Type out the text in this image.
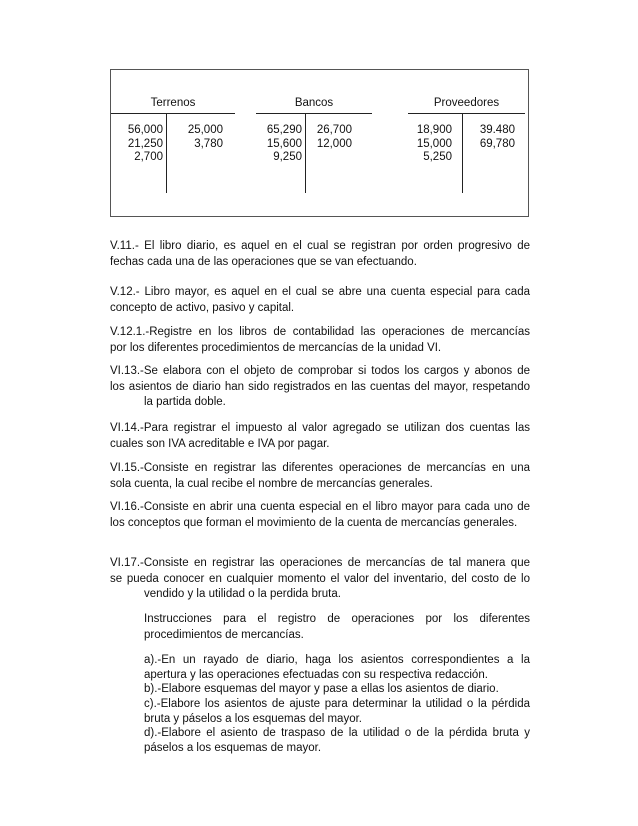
Terrenos
56,000
21,250
2,700
25,000
3,780
Bancos
65,290
15,600
9,250
26,700
12,000
Proveedores
18,900
15,000
5,250
39.480
69,780
V.11.- El libro diario, es aquel en el cual se registran por orden progresivo de
fechas cada una de las operaciones que se van efectuando.
V.12.- Libro mayor, es aquel en el cual se abre una cuenta especial para cada
concepto de activo, pasivo y capital.
V.12.1.-Registre en los libros de contabilidad las operaciones de mercancías
por los diferentes procedimientos de mercancías de la unidad VI.
VI.13.-Se elabora con el objeto de comprobar si todos los cargos y abonos de
los asientos de diario han sido registrados en las cuentas del mayor, respetando la partida doble.
VI.14.-Para registrar el impuesto al valor agregado se utilizan dos cuentas las
cuales son IVA acreditable e IVA por pagar.
VI.15.-Consiste en registrar las diferentes operaciones de mercancías en una
sola cuenta, la cual recibe el nombre de mercancías generales.
VI.16.-Consiste en abrir una cuenta especial en el libro mayor para cada uno de
los conceptos que forman el movimiento de la cuenta de mercancías generales.
VI.17.-Consiste en registrar las operaciones de mercancías de tal manera que
se pueda conocer en cualquier momento el valor del inventario, del costo de lo vendido y la utilidad o la perdida bruta.
Instrucciones para el registro de operaciones por los diferentes procedimientos de mercancías.
a).-En un rayado de diario, haga los asientos correspondientes a la apertura y las operaciones efectuadas con su respectiva redacción.
b).-Elabore esquemas del mayor y pase a ellas los asientos de diario.
c).-Elabore los asientos de ajuste para determinar la utilidad o la pérdida bruta y páselos a los esquemas del mayor.
d).-Elabore el asiento de traspaso de la utilidad o de la pérdida bruta y páselos a los esquemas de mayor.
